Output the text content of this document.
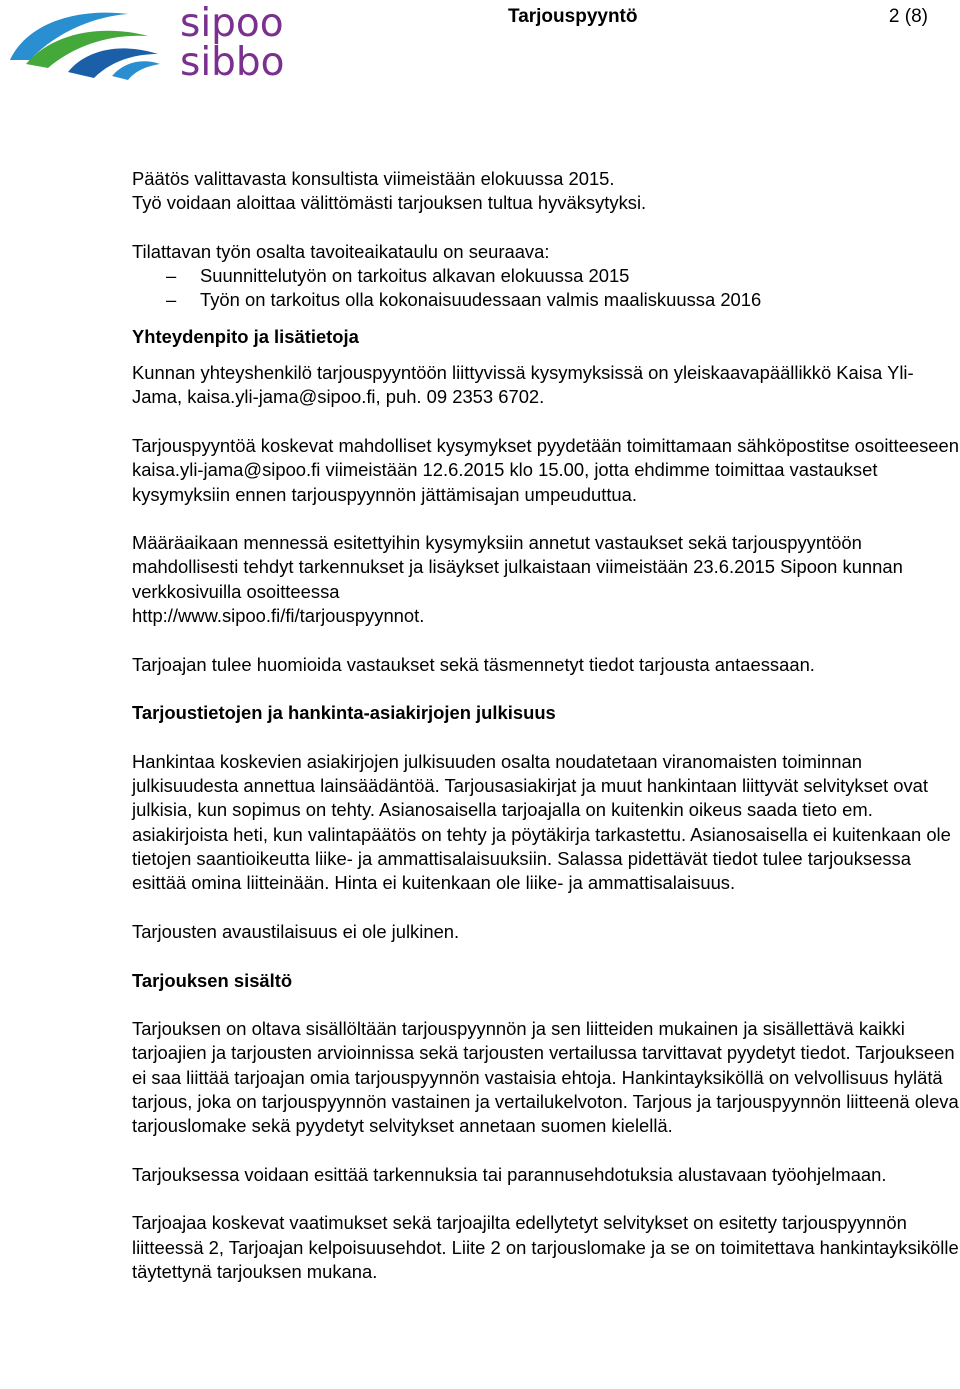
sipoo
sibbo
Tarjouspyyntö	2 (8)

Päätös valittavasta konsultista viimeistään elokuussa 2015.

Työ voidaan aloittaa välittömästi tarjouksen tultua hyväksytyksi.

Tilattavan työn osalta tavoiteaikataulu on seuraava:

– Suunnittelutyön on tarkoitus alkavan elokuussa 2015
– Työn on tarkoitus olla kokonaisuudessaan valmis maaliskuussa 2016
Yhteydenpito ja lisätietoja

Kunnan yhteyshenkilö tarjouspyyntöön liittyvissä kysymyksissä on yleiskaavapäällikkö Kaisa Yli-Jama, kaisa.yli-jama@sipoo.fi, puh. 09 2353 6702.

Tarjouspyyntöä koskevat mahdolliset kysymykset pyydetään toimittamaan sähköpostitse osoitteeseen kaisa.yli-jama@sipoo.fi viimeistään 12.6.2015 klo 15.00, jotta ehdimme toimittaa vastaukset kysymyksiin ennen tarjouspyynnön jättämisajan umpeuduttua.

Määräaikaan mennessä esitettyihin kysymyksiin annetut vastaukset sekä tarjouspyyntöön mahdollisesti tehdyt tarkennukset ja lisäykset julkaistaan viimeistään 23.6.2015 Sipoon kunnan verkkosivuilla osoitteessa
http://www.sipoo.fi/fi/tarjouspyynnot.

Tarjoajan tulee huomioida vastaukset sekä täsmennetyt tiedot tarjousta antaessaan.

Tarjoustietojen ja hankinta-asiakirjojen julkisuus

Hankintaa koskevien asiakirjojen julkisuuden osalta noudatetaan viranomaisten toiminnan julkisuudesta annettua lainsäädäntöä. Tarjousasiakirjat ja muut hankintaan liittyvät selvitykset ovat julkisia, kun sopimus on tehty. Asianosaisella tarjoajalla on kuitenkin oikeus saada tieto em. asiakirjoista heti, kun valintapäätös on tehty ja pöytäkirja tarkastettu. Asianosaisella ei kuitenkaan ole tietojen saantioikeutta liike- ja ammattisalaisuuksiin. Salassa pidettävät tiedot tulee tarjouksessa esittää omina liitteinään. Hinta ei kuitenkaan ole liike- ja ammattisalaisuus.

Tarjousten avaustilaisuus ei ole julkinen.

Tarjouksen sisältö

Tarjouksen on oltava sisällöltään tarjouspyynnön ja sen liitteiden mukainen ja sisällettävä kaikki tarjoajien ja tarjousten arvioinnissa sekä tarjousten vertailussa tarvittavat pyydetyt tiedot. Tarjoukseen ei saa liittää tarjoajan omia tarjouspyynnön vastaisia ehtoja. Hankintayksiköllä on velvollisuus hylätä tarjous, joka on tarjouspyynnön vastainen ja vertailukelvoton. Tarjous ja tarjouspyynnön liitteenä oleva tarjouslomake sekä pyydetyt selvitykset annetaan suomen kielellä.

Tarjouksessa voidaan esittää tarkennuksia tai parannusehdotuksia alustavaan työohjelmaan.

Tarjoajaa koskevat vaatimukset sekä tarjoajilta edellytetyt selvitykset on esitetty tarjouspyynnön liitteessä 2, Tarjoajan kelpoisuusehdot. Liite 2 on tarjouslomake ja se on toimitettava hankintayksikölle täytettynä tarjouksen mukana.
